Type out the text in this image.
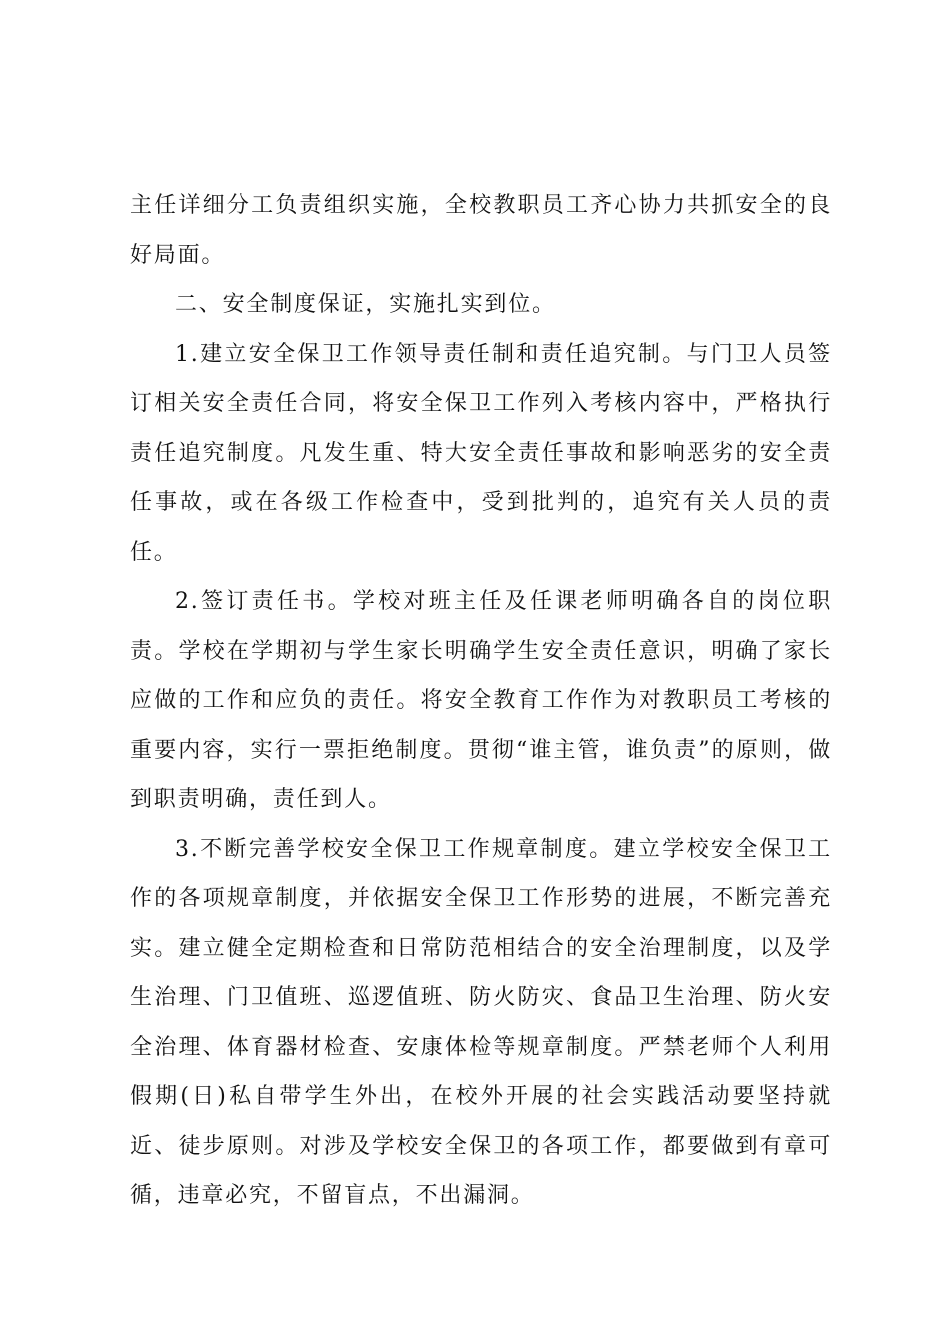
主任详细分工负责组织实施，全校教职员工齐心协力共抓安全的良好局面。

二、安全制度保证，实施扎实到位。

1.建立安全保卫工作领导责任制和责任追究制。与门卫人员签订相关安全责任合同，将安全保卫工作列入考核内容中，严格执行责任追究制度。凡发生重、特大安全责任事故和影响恶劣的安全责任事故，或在各级工作检查中，受到批判的，追究有关人员的责任。

2.签订责任书。学校对班主任及任课老师明确各自的岗位职责。学校在学期初与学生家长明确学生安全责任意识，明确了家长应做的工作和应负的责任。将安全教育工作作为对教职员工考核的重要内容，实行一票拒绝制度。贯彻“谁主管，谁负责”的原则，做到职责明确，责任到人。

3.不断完善学校安全保卫工作规章制度。建立学校安全保卫工作的各项规章制度，并依据安全保卫工作形势的进展，不断完善充实。建立健全定期检查和日常防范相结合的安全治理制度，以及学生治理、门卫值班、巡逻值班、防火防灾、食品卫生治理、防火安全治理、体育器材检查、安康体检等规章制度。严禁老师个人利用假期(日)私自带学生外出，在校外开展的社会实践活动要坚持就近、徒步原则。对涉及学校安全保卫的各项工作，都要做到有章可循，违章必究，不留盲点，不出漏洞。
